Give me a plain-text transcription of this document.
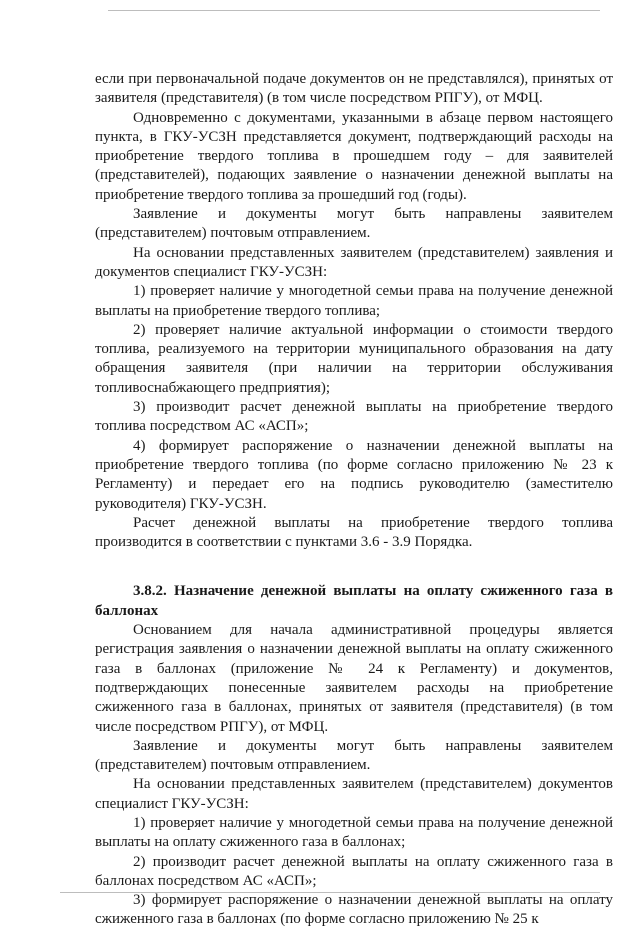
если при первоначальной подаче документов он не представлялся), принятых от заявителя (представителя) (в том числе посредством РПГУ), от МФЦ.

Одновременно с документами, указанными в абзаце первом настоящего пункта, в ГКУ-УСЗН представляется документ, подтверждающий расходы на приобретение твердого топлива в прошедшем году – для заявителей (представителей), подающих заявление о назначении денежной выплаты на приобретение твердого топлива за прошедший год (годы).

Заявление и документы могут быть направлены заявителем (представителем) почтовым отправлением.

На основании представленных заявителем (представителем) заявления и документов специалист ГКУ-УСЗН:

1) проверяет наличие у многодетной семьи права на получение денежной выплаты на приобретение твердого топлива;

2) проверяет наличие актуальной информации о стоимости твердого топлива, реализуемого на территории муниципального образования на дату обращения заявителя (при наличии на территории обслуживания топливоснабжающего предприятия);

3) производит расчет денежной выплаты на приобретение твердого топлива посредством АС «АСП»;

4) формирует распоряжение о назначении денежной выплаты на приобретение твердого топлива (по форме согласно приложению № 23 к Регламенту) и передает его на подпись руководителю (заместителю руководителя) ГКУ-УСЗН.

Расчет денежной выплаты на приобретение твердого топлива производится в соответствии с пунктами 3.6 - 3.9 Порядка.

3.8.2. Назначение денежной выплаты на оплату сжиженного газа в баллонах

Основанием для начала административной процедуры является регистрация заявления о назначении денежной выплаты на оплату сжиженного газа в баллонах (приложение № 24 к Регламенту) и документов, подтверждающих понесенные заявителем расходы на приобретение сжиженного газа в баллонах, принятых от заявителя (представителя) (в том числе посредством РПГУ), от МФЦ.

Заявление и документы могут быть направлены заявителем (представителем) почтовым отправлением.

На основании представленных заявителем (представителем) документов специалист ГКУ-УСЗН:

1) проверяет наличие у многодетной семьи права на получение денежной выплаты на оплату сжиженного газа в баллонах;

2) производит расчет денежной выплаты на оплату сжиженного газа в баллонах посредством АС «АСП»;

3) формирует распоряжение о назначении денежной выплаты на оплату сжиженного газа в баллонах (по форме согласно приложению № 25 к
